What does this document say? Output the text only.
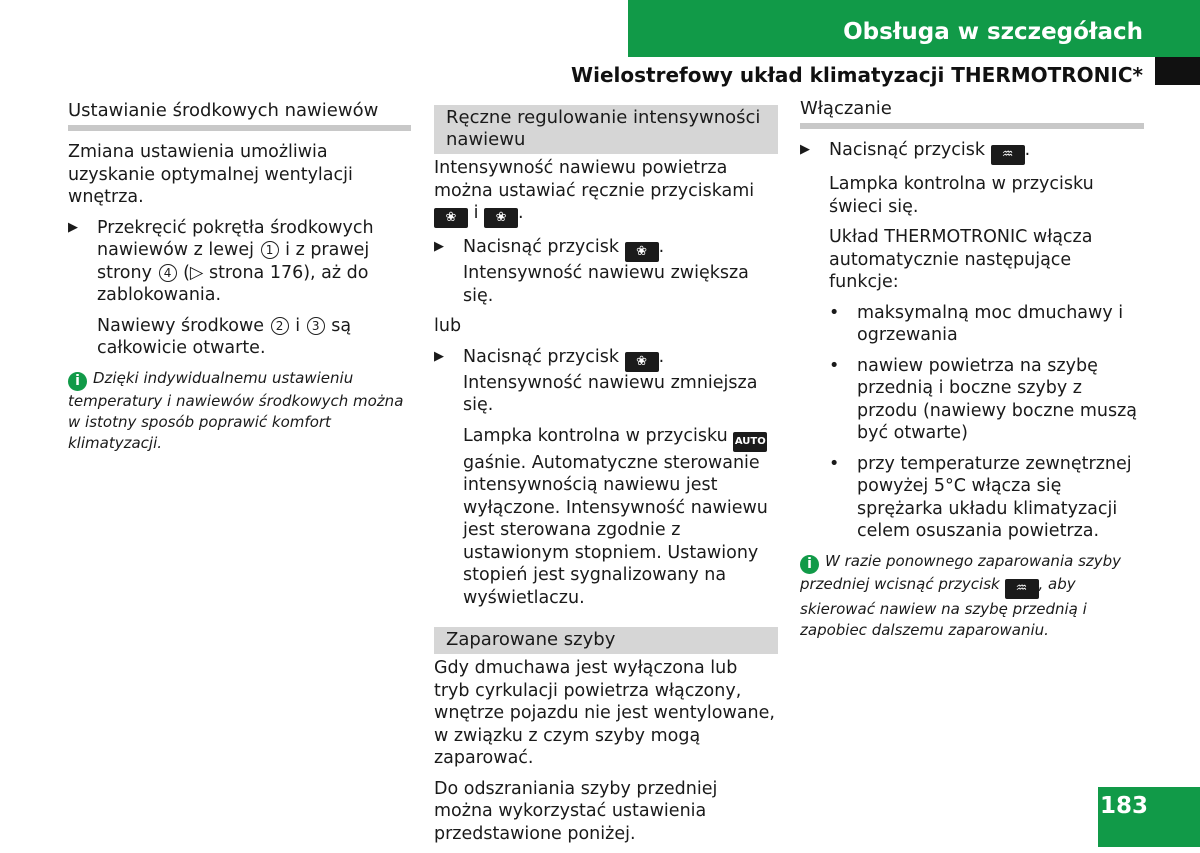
Obsługa w szczegółach
Wielostrefowy układ klimatyzacji THERMOTRONIC*
Ustawianie środkowych nawiewów

Zmiana ustawienia umożliwia uzyskanie optymalnej wentylacji wnętrza.

▶ Przekręcić pokrętła środkowych nawiewów z lewej 1 i z prawej strony 4 (▷ strona 176), aż do zablokowania.
Nawiewy środkowe 2 i 3 są całkowicie otwarte.
i Dzięki indywidualnemu ustawieniu temperatury i nawiewów środkowych można w istotny sposób poprawić komfort klimatyzacji.
Ręczne regulowanie intensywności nawiewu

Intensywność nawiewu powietrza można ustawiać ręcznie przyciskami ❀ i ❀ .

▶ Nacisnąć przycisk ❀ . Intensywność nawiewu zwiększa się.

lub

▶ Nacisnąć przycisk ❀ . Intensywność nawiewu zmniejsza się.
Lampka kontrolna w przycisku AUTO gaśnie. Automatyczne sterowanie intensywnością nawiewu jest wyłączone. Intensywność nawiewu jest sterowana zgodnie z ustawionym stopniem. Ustawiony stopień jest sygnalizowany na wyświetlaczu.
Zaparowane szyby

Gdy dmuchawa jest wyłączona lub tryb cyrkulacji powietrza włączony, wnętrze pojazdu nie jest wentylowane, w związku z czym szyby mogą zaparować.

Do odszraniania szyby przedniej można wykorzystać ustawienia przedstawione poniżej.

Włączanie
▶ Nacisnąć przycisk ♒ .

Lampka kontrolna w przycisku świeci się.

Układ THERMOTRONIC włącza automatycznie następujące funkcje:

• maksymalną moc dmuchawy i ogrzewania
• nawiew powietrza na szybę przednią i boczne szyby z przodu (nawiewy boczne muszą być otwarte)
• przy temperaturze zewnętrznej powyżej 5°C włącza się sprężarka układu klimatyzacji celem osuszania powietrza.
i W razie ponownego zaparowania szyby przedniej wcisnąć przycisk ♒ , aby skierować nawiew na szybę przednią i zapobiec dalszemu zaparowaniu.
183
